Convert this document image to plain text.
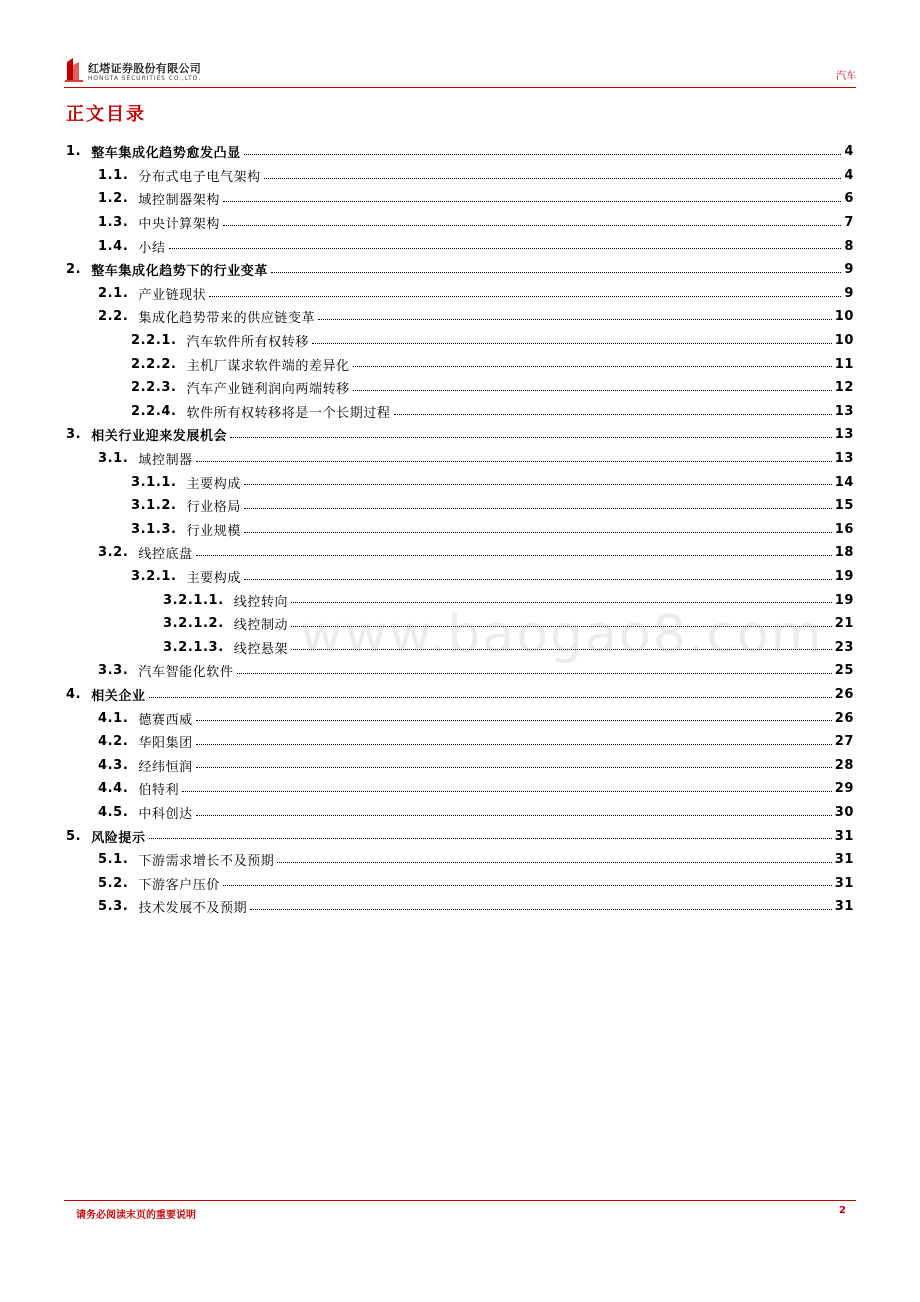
红塔证券股份有限公司
HONGTA SECURITIES CO.,LTD.	汽车
正文目录
1. 整车集成化趋势愈发凸显	4
1.1. 分布式电子电气架构	4
1.2. 域控制器架构	6
1.3. 中央计算架构	7
1.4. 小结	8
2. 整车集成化趋势下的行业变革	9
2.1. 产业链现状	9
2.2. 集成化趋势带来的供应链变革	10
2.2.1. 汽车软件所有权转移	10
2.2.2. 主机厂谋求软件端的差异化	11
2.2.3. 汽车产业链利润向两端转移	12
2.2.4. 软件所有权转移将是一个长期过程	13
3. 相关行业迎来发展机会	13
3.1. 域控制器	13
3.1.1. 主要构成	14
3.1.2. 行业格局	15
3.1.3. 行业规模	16
3.2. 线控底盘	18
3.2.1. 主要构成	19
3.2.1.1. 线控转向	19
3.2.1.2. 线控制动	21
3.2.1.3. 线控悬架	23
3.3. 汽车智能化软件	25
4. 相关企业	26
4.1. 德赛西威	26
4.2. 华阳集团	27
4.3. 经纬恒润	28
4.4. 伯特利	29
4.5. 中科创达	30
5. 风险提示	31
5.1. 下游需求增长不及预期	31
5.2. 下游客户压价	31
5.3. 技术发展不及预期	31
www.baogao8.com
请务必阅读末页的重要说明	2
